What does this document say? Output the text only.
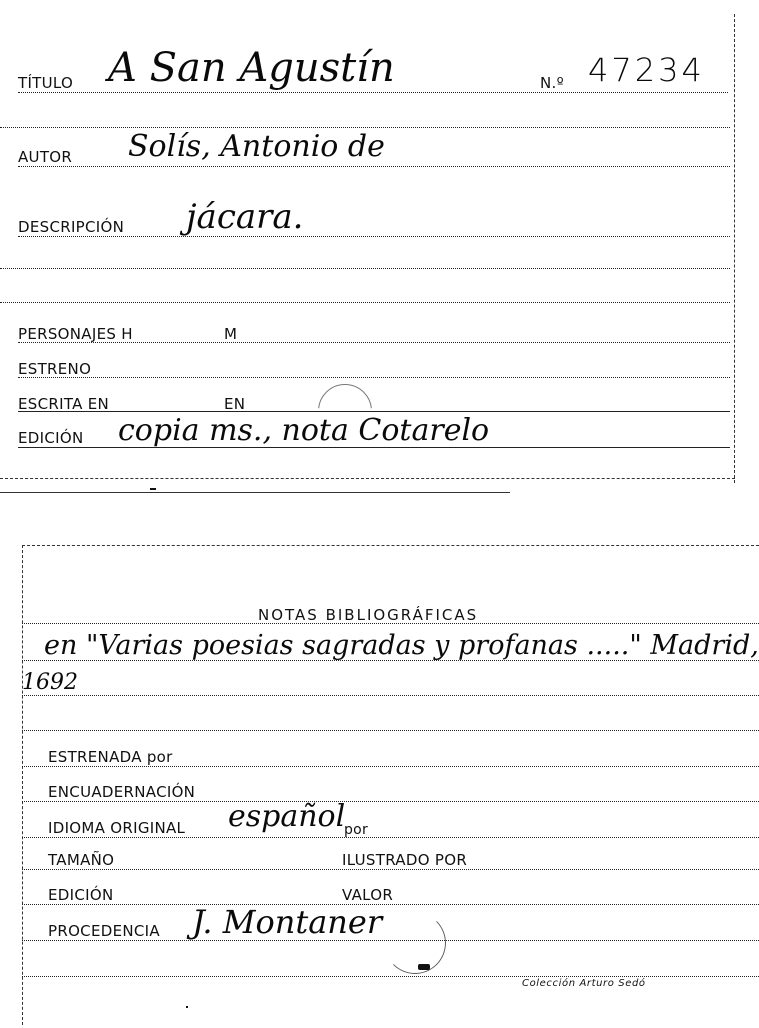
TÍTULO A San Agustín	N.º 47234
AUTOR Solís, Antonio de
DESCRIPCIÓN jácara.
PERSONAJES H	M
ESTRENO
ESCRITA EN	EN
EDICIÓN copia ms., nota Cotarelo
NOTAS BIBLIOGRÁFICAS
en "Varias poesias sagradas y profanas ....." Madrid,
1692
ESTRENADA por
ENCUADERNACIÓN
IDIOMA ORIGINAL español
por
TAMAÑO	ILUSTRADO POR
EDICIÓN	VALOR
PROCEDENCIA J. Montaner
Colección Arturo Sedó
